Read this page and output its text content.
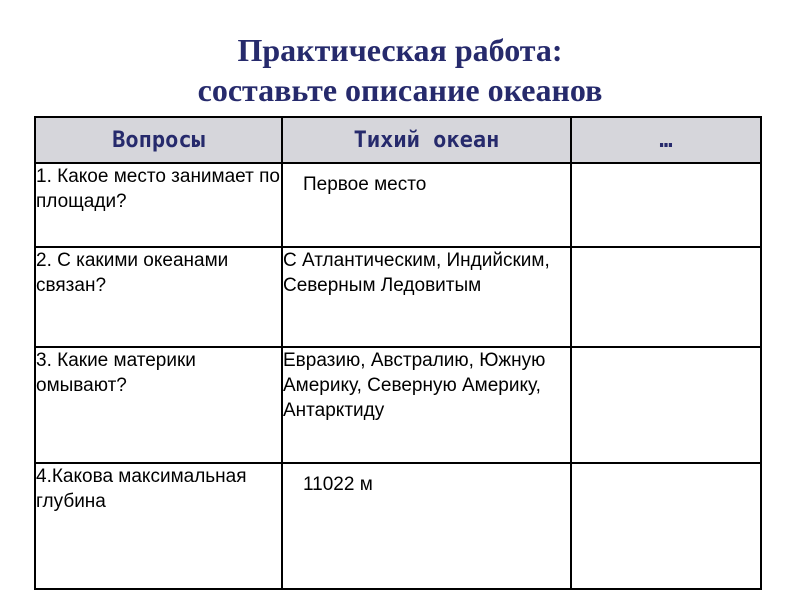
Практическая работа:
составьте описание океанов
Вопросы	Тихий океан	…
1. Какое место занимает по площади?	Первое место	
2. С какими океанами связан?	С Атлантическим, Индийским, Северным Ледовитым	
3. Какие материки омывают?	Евразию, Австралию, Южную Америку, Северную Америку, Антарктиду	
4.Какова максимальная глубина	11022 м	
